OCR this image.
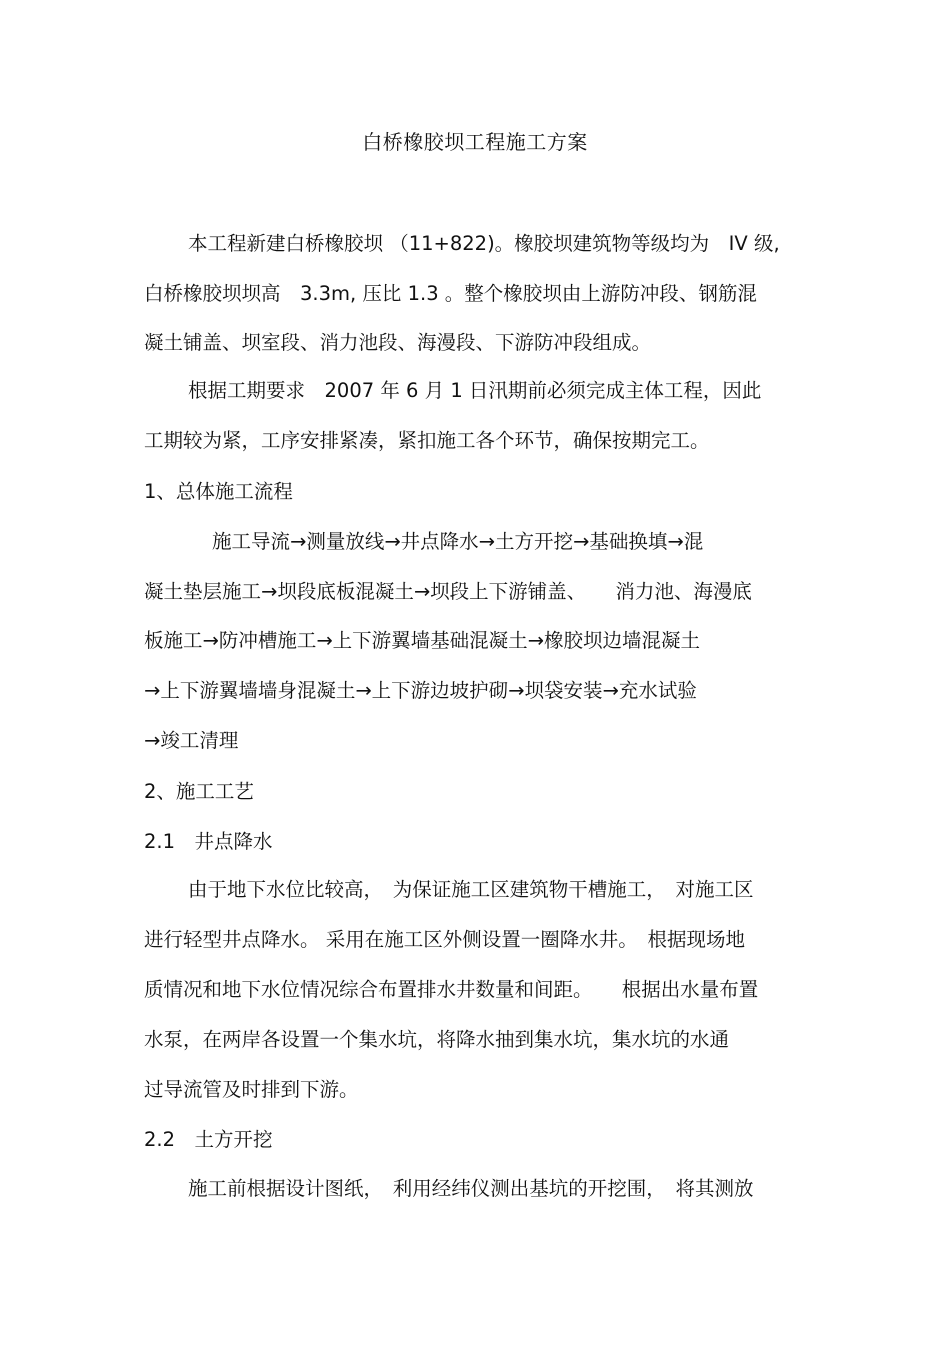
白桥橡胶坝工程施工方案
本工程新建白桥橡胶坝 （11+822)。橡胶坝建筑物等级均为　IV 级,
白桥橡胶坝坝高　3.3m, 压比 1.3 。整个橡胶坝由上游防冲段、钢筋混
凝土铺盖、坝室段、消力池段、海漫段、下游防冲段组成。
根据工期要求　2007 年 6 月 1 日汛期前必须完成主体工程，因此
工期较为紧，工序安排紧凑，紧扣施工各个环节，确保按期完工。
1、总体施工流程
施工导流→测量放线→井点降水→土方开挖→基础换填→混
凝土垫层施工→坝段底板混凝土→坝段上下游铺盖、　　消力池、海漫底
板施工→防冲槽施工→上下游翼墙基础混凝土→橡胶坝边墙混凝土
→上下游翼墙墙身混凝土→上下游边坡护砌→坝袋安装→充水试验
→竣工清理
2、施工工艺
2.1　井点降水
由于地下水位比较高，　为保证施工区建筑物干槽施工，　对施工区
进行轻型井点降水。 采用在施工区外侧设置一圈降水井。　根据现场地
质情况和地下水位情况综合布置排水井数量和间距。　　根据出水量布置
水泵，在两岸各设置一个集水坑，将降水抽到集水坑，集水坑的水通
过导流管及时排到下游。
2.2　土方开挖
施工前根据设计图纸，　利用经纬仪测出基坑的开挖围，　将其测放
